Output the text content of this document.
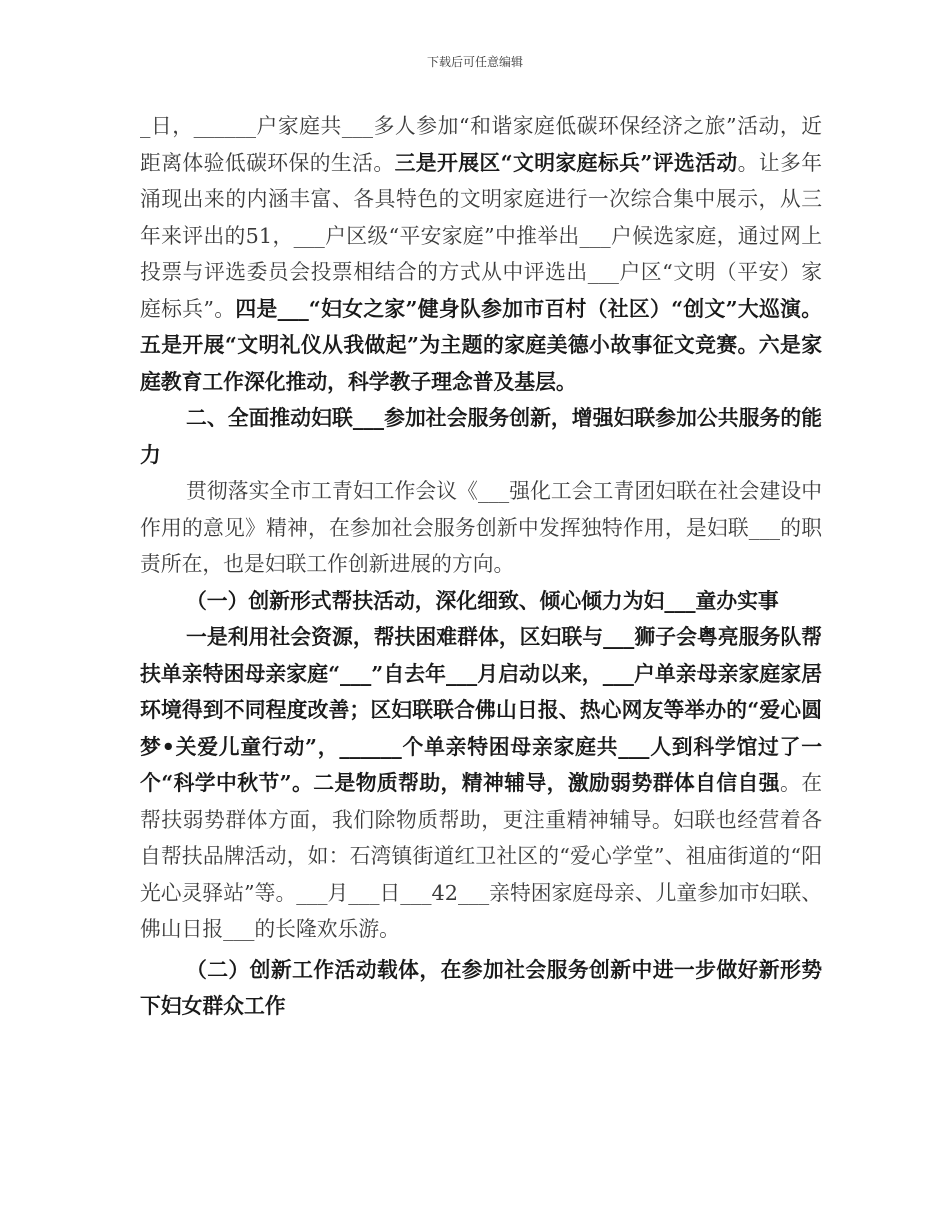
下载后可任意编辑

_日，______户家庭共___多人参加“和谐家庭低碳环保经济之旅”活动，近距离体验低碳环保的生活。三是开展区“文明家庭标兵”评选活动。让多年涌现出来的内涵丰富、各具特色的文明家庭进行一次综合集中展示，从三年来评出的51，___户区级“平安家庭”中推举出___户候选家庭，通过网上投票与评选委员会投票相结合的方式从中评选出___户区“文明（平安）家庭标兵”。四是___“妇女之家”健身队参加市百村（社区）“创文”大巡演。五是开展“文明礼仪从我做起”为主题的家庭美德小故事征文竞赛。六是家庭教育工作深化推动，科学教子理念普及基层。

二、全面推动妇联___参加社会服务创新，增强妇联参加公共服务的能力

贯彻落实全市工青妇工作会议《___强化工会工青团妇联在社会建设中作用的意见》精神，在参加社会服务创新中发挥独特作用，是妇联___的职责所在，也是妇联工作创新进展的方向。

（一）创新形式帮扶活动，深化细致、倾心倾力为妇___童办实事

一是利用社会资源，帮扶困难群体，区妇联与___狮子会粤亮服务队帮扶单亲特困母亲家庭“___”自去年___月启动以来，___户单亲母亲家庭家居环境得到不同程度改善；区妇联联合佛山日报、热心网友等举办的“爱心圆梦•关爱儿童行动”，______个单亲特困母亲家庭共___人到科学馆过了一个“科学中秋节”。二是物质帮助，精神辅导，激励弱势群体自信自强。在帮扶弱势群体方面，我们除物质帮助，更注重精神辅导。妇联也经营着各自帮扶品牌活动，如：石湾镇街道红卫社区的“爱心学堂”、祖庙街道的“阳光心灵驿站”等。___月___日___42___亲特困家庭母亲、儿童参加市妇联、佛山日报___的长隆欢乐游。

（二）创新工作活动载体，在参加社会服务创新中进一步做好新形势下妇女群众工作
